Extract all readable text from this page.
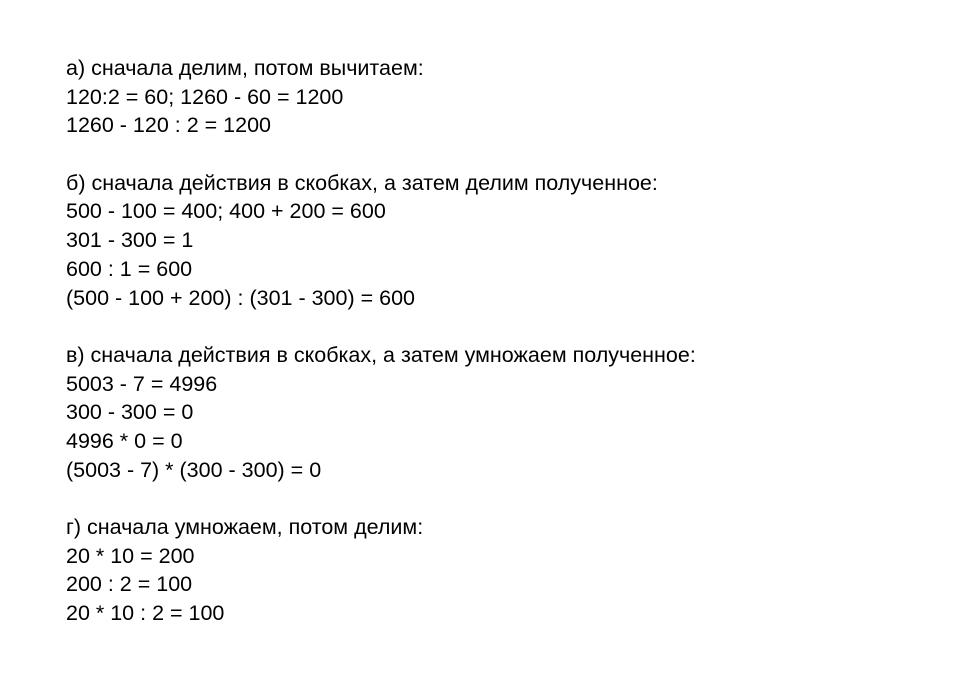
а) сначала делим, потом вычитаем:
120:2 = 60; 1260 - 60 = 1200
1260 - 120 : 2 = 1200
б) сначала действия в скобках, а затем делим полученное:
500 - 100 = 400; 400 + 200 = 600
301 - 300 = 1
600 : 1 = 600
(500 - 100 + 200) : (301 - 300) = 600
в) сначала действия в скобках, а затем умножаем полученное:
5003 - 7 = 4996
300 - 300 = 0
4996 * 0 = 0
(5003 - 7) * (300 - 300) = 0
г) сначала умножаем, потом делим:
20 * 10 = 200
200 : 2 = 100
20 * 10 : 2 = 100
